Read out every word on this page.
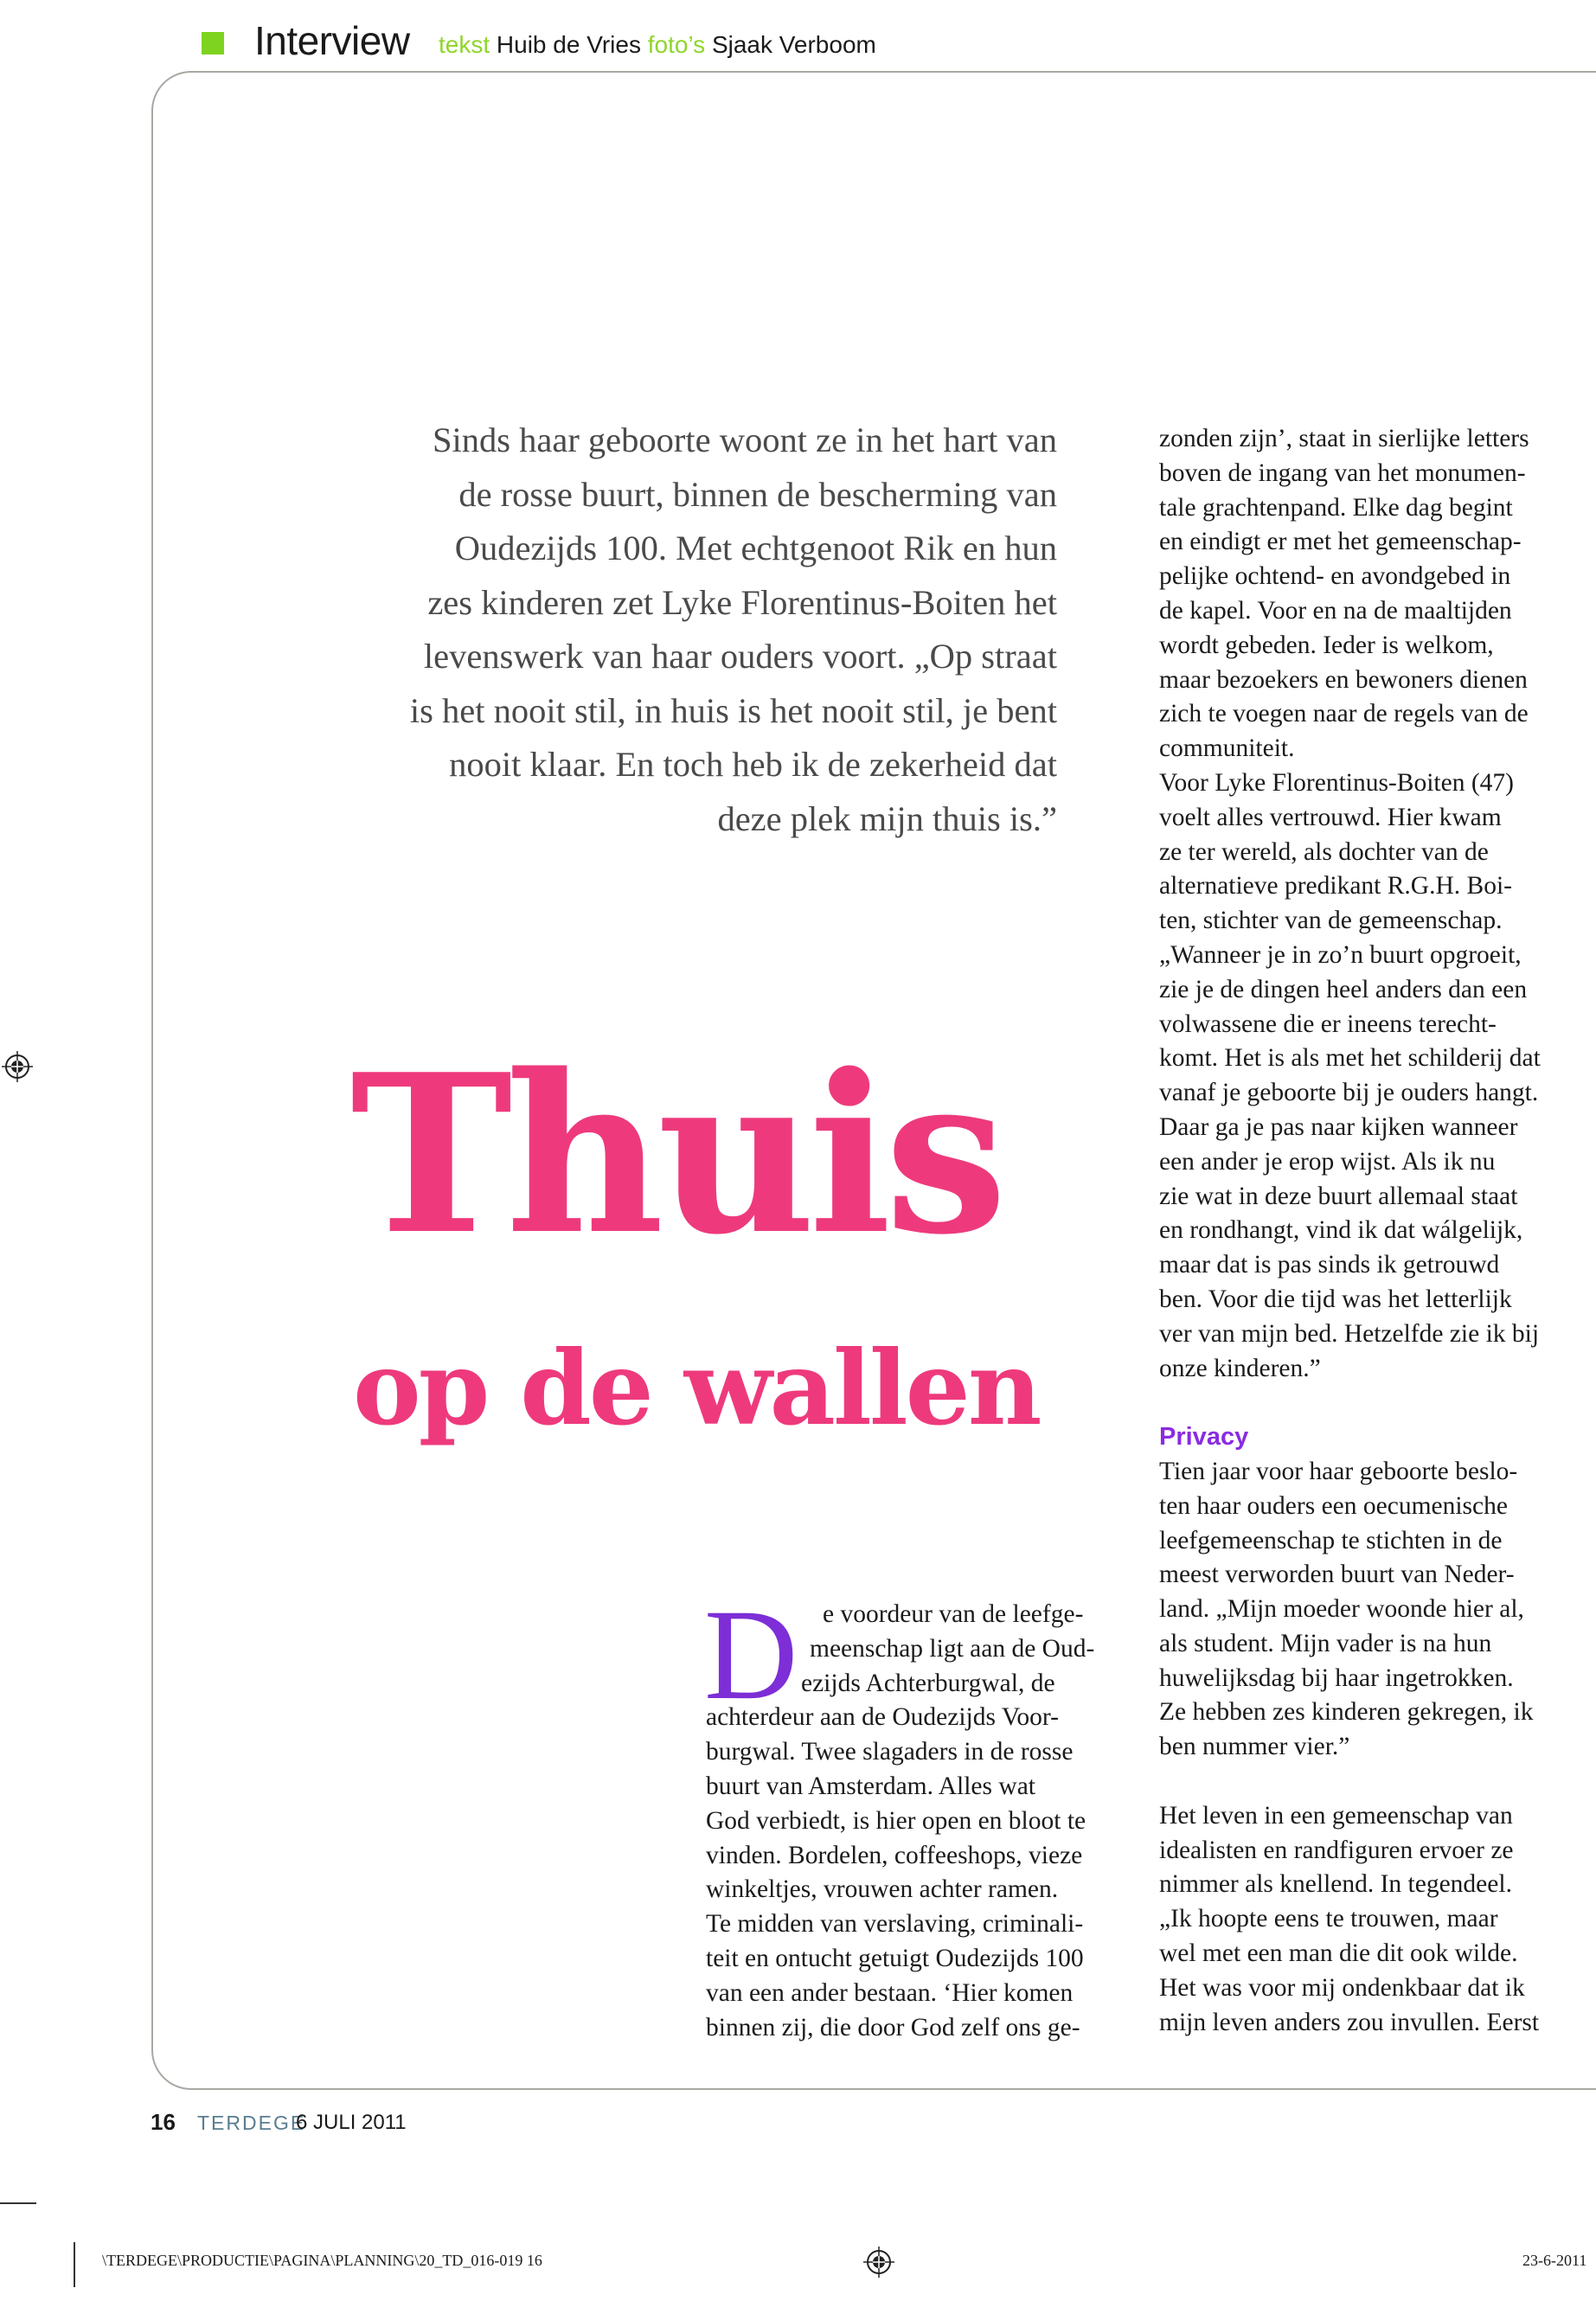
Interview tekst Huib de Vries foto’s Sjaak Verboom
Sinds haar geboorte woont ze in het hart van
de rosse buurt, binnen de bescherming van
Oudezijds 100. Met echtgenoot Rik en hun
zes kinderen zet Lyke Florentinus-Boiten het
levenswerk van haar ouders voort. „Op straat
is het nooit stil, in huis is het nooit stil, je bent
nooit klaar. En toch heb ik de zekerheid dat
deze plek mijn thuis is.”
Thuis
op de wallen
zonden zijn’, staat in sierlijke letters
boven de ingang van het monumen-
tale grachtenpand. Elke dag begint
en eindigt er met het gemeenschap-
pelijke ochtend- en avondgebed in
de kapel. Voor en na de maaltijden
wordt gebeden. Ieder is welkom,
maar bezoekers en bewoners dienen
zich te voegen naar de regels van de
communiteit.
Voor Lyke Florentinus-Boiten (47)
voelt alles vertrouwd. Hier kwam
ze ter wereld, als dochter van de
alternatieve predikant R.G.H. Boi-
ten, stichter van de gemeenschap.
„Wanneer je in zo’n buurt opgroeit,
zie je de dingen heel anders dan een
volwassene die er ineens terecht-
komt. Het is als met het schilderij dat
vanaf je geboorte bij je ouders hangt.
Daar ga je pas naar kijken wanneer
een ander je erop wijst. Als ik nu
zie wat in deze buurt allemaal staat
en rondhangt, vind ik dat wálgelijk,
maar dat is pas sinds ik getrouwd
ben. Voor die tijd was het letterlijk
ver van mijn bed. Hetzelfde zie ik bij
onze kinderen.”
Privacy
Tien jaar voor haar geboorte beslo-
ten haar ouders een oecumenische
leefgemeenschap te stichten in de
meest verworden buurt van Neder-
land. „Mijn moeder woonde hier al,
als student. Mijn vader is na hun
huwelijksdag bij haar ingetrokken.
Ze hebben zes kinderen gekregen, ik
ben nummer vier.”
Het leven in een gemeenschap van
idealisten en randfiguren ervoer ze
nimmer als knellend. In tegendeel.
„Ik hoopte eens te trouwen, maar
wel met een man die dit ook wilde.
Het was voor mij ondenkbaar dat ik
mijn leven anders zou invullen. Eerst
D e voordeur van de leefge-
meenschap ligt aan de Oud-
ezijds Achterburgwal, de
achterdeur aan de Oudezijds Voor-
burgwal. Twee slagaders in de rosse
buurt van Amsterdam. Alles wat
God verbiedt, is hier open en bloot te
vinden. Bordelen, coffeeshops, vieze
winkeltjes, vrouwen achter ramen.
Te midden van verslaving, criminali-
teit en ontucht getuigt Oudezijds 100
van een ander bestaan. ‘Hier komen
binnen zij, die door God zelf ons ge-
16 TERDEGE
6 JULI 2011
\TERDEGE\PRODUCTIE\PAGINA\PLANNING\20_TD_016-019 16	23-6-2011
